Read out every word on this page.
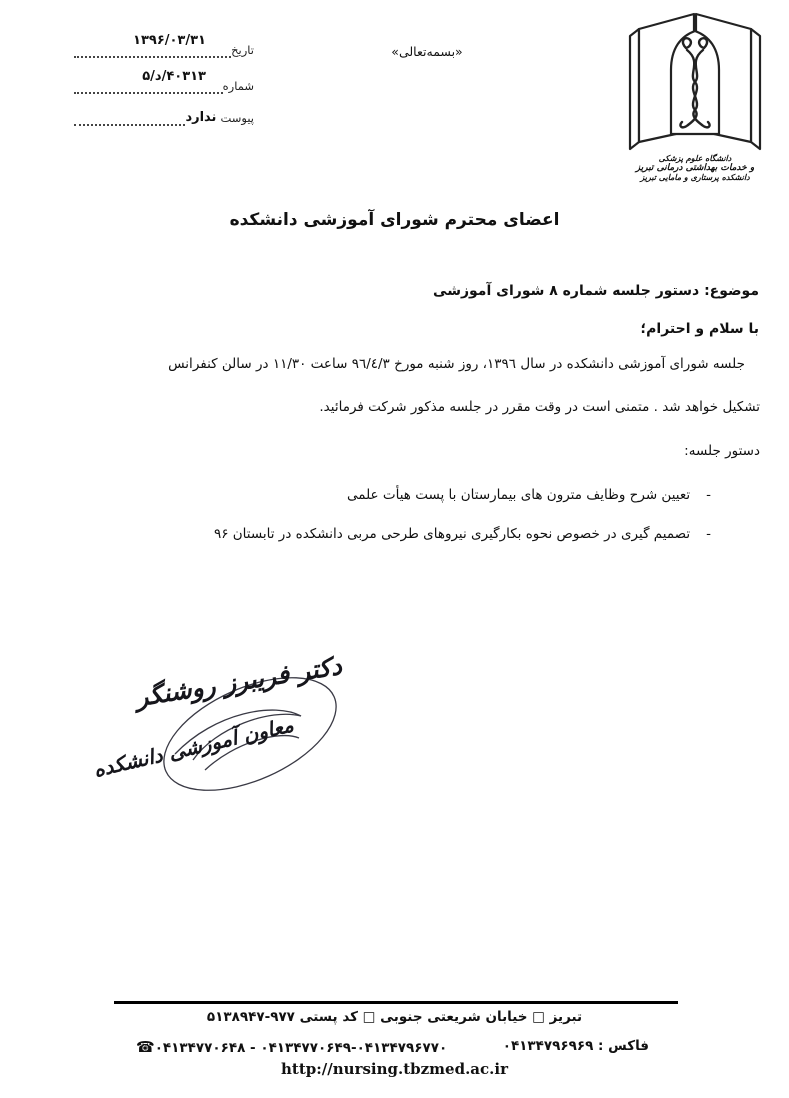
۱۳۹۶/۰۳/۳۱
تاریخ
۵/د/۴۰۳۱۳
شماره
پیوست
ندارد
«بسمه‌تعالی»
دانشگاه علوم پزشکی
و خدمات بهداشتی درمانی تبریز
دانشکده پرستاری و مامایی تبریز
اعضای محترم شورای آموزشی دانشکده
موضوع: دستور جلسه شماره ۸ شورای آموزشی
با سلام و احترام؛
جلسه شورای آموزشی دانشکده در سال ١٣٩٦، روز شنبه مورخ ٩٦/٤/٣ ساعت ١١/٣٠ در سالن کنفرانس
تشکیل خواهد شد . متمنی است در وقت مقرر در جلسه مذکور شرکت فرمائید.
دستور جلسه:
-
تعیین شرح وظایف مترون های بیمارستان با پست هیأت علمی
-
تصمیم گیری در خصوص نحوه بکارگیری نیروهای طرحی مربی دانشکده در تابستان ۹۶
دکتر فریبرز روشنگر
معاون آموزشی دانشکده
تبریز □ خیابان شریعتی جنوبی □ کد پستی ۵۱۳۸۹۴۷-۹۷۷
☎۰۴۱۳۴۷۷۰۶۴۸ - ۰۴۱۳۴۷۷۰۶۴۹-۰۴۱۳۴۷۹۶۷۷۰	فاکس : ۰۴۱۳۴۷۹۶۹۶۹
http://nursing.tbzmed.ac.ir
